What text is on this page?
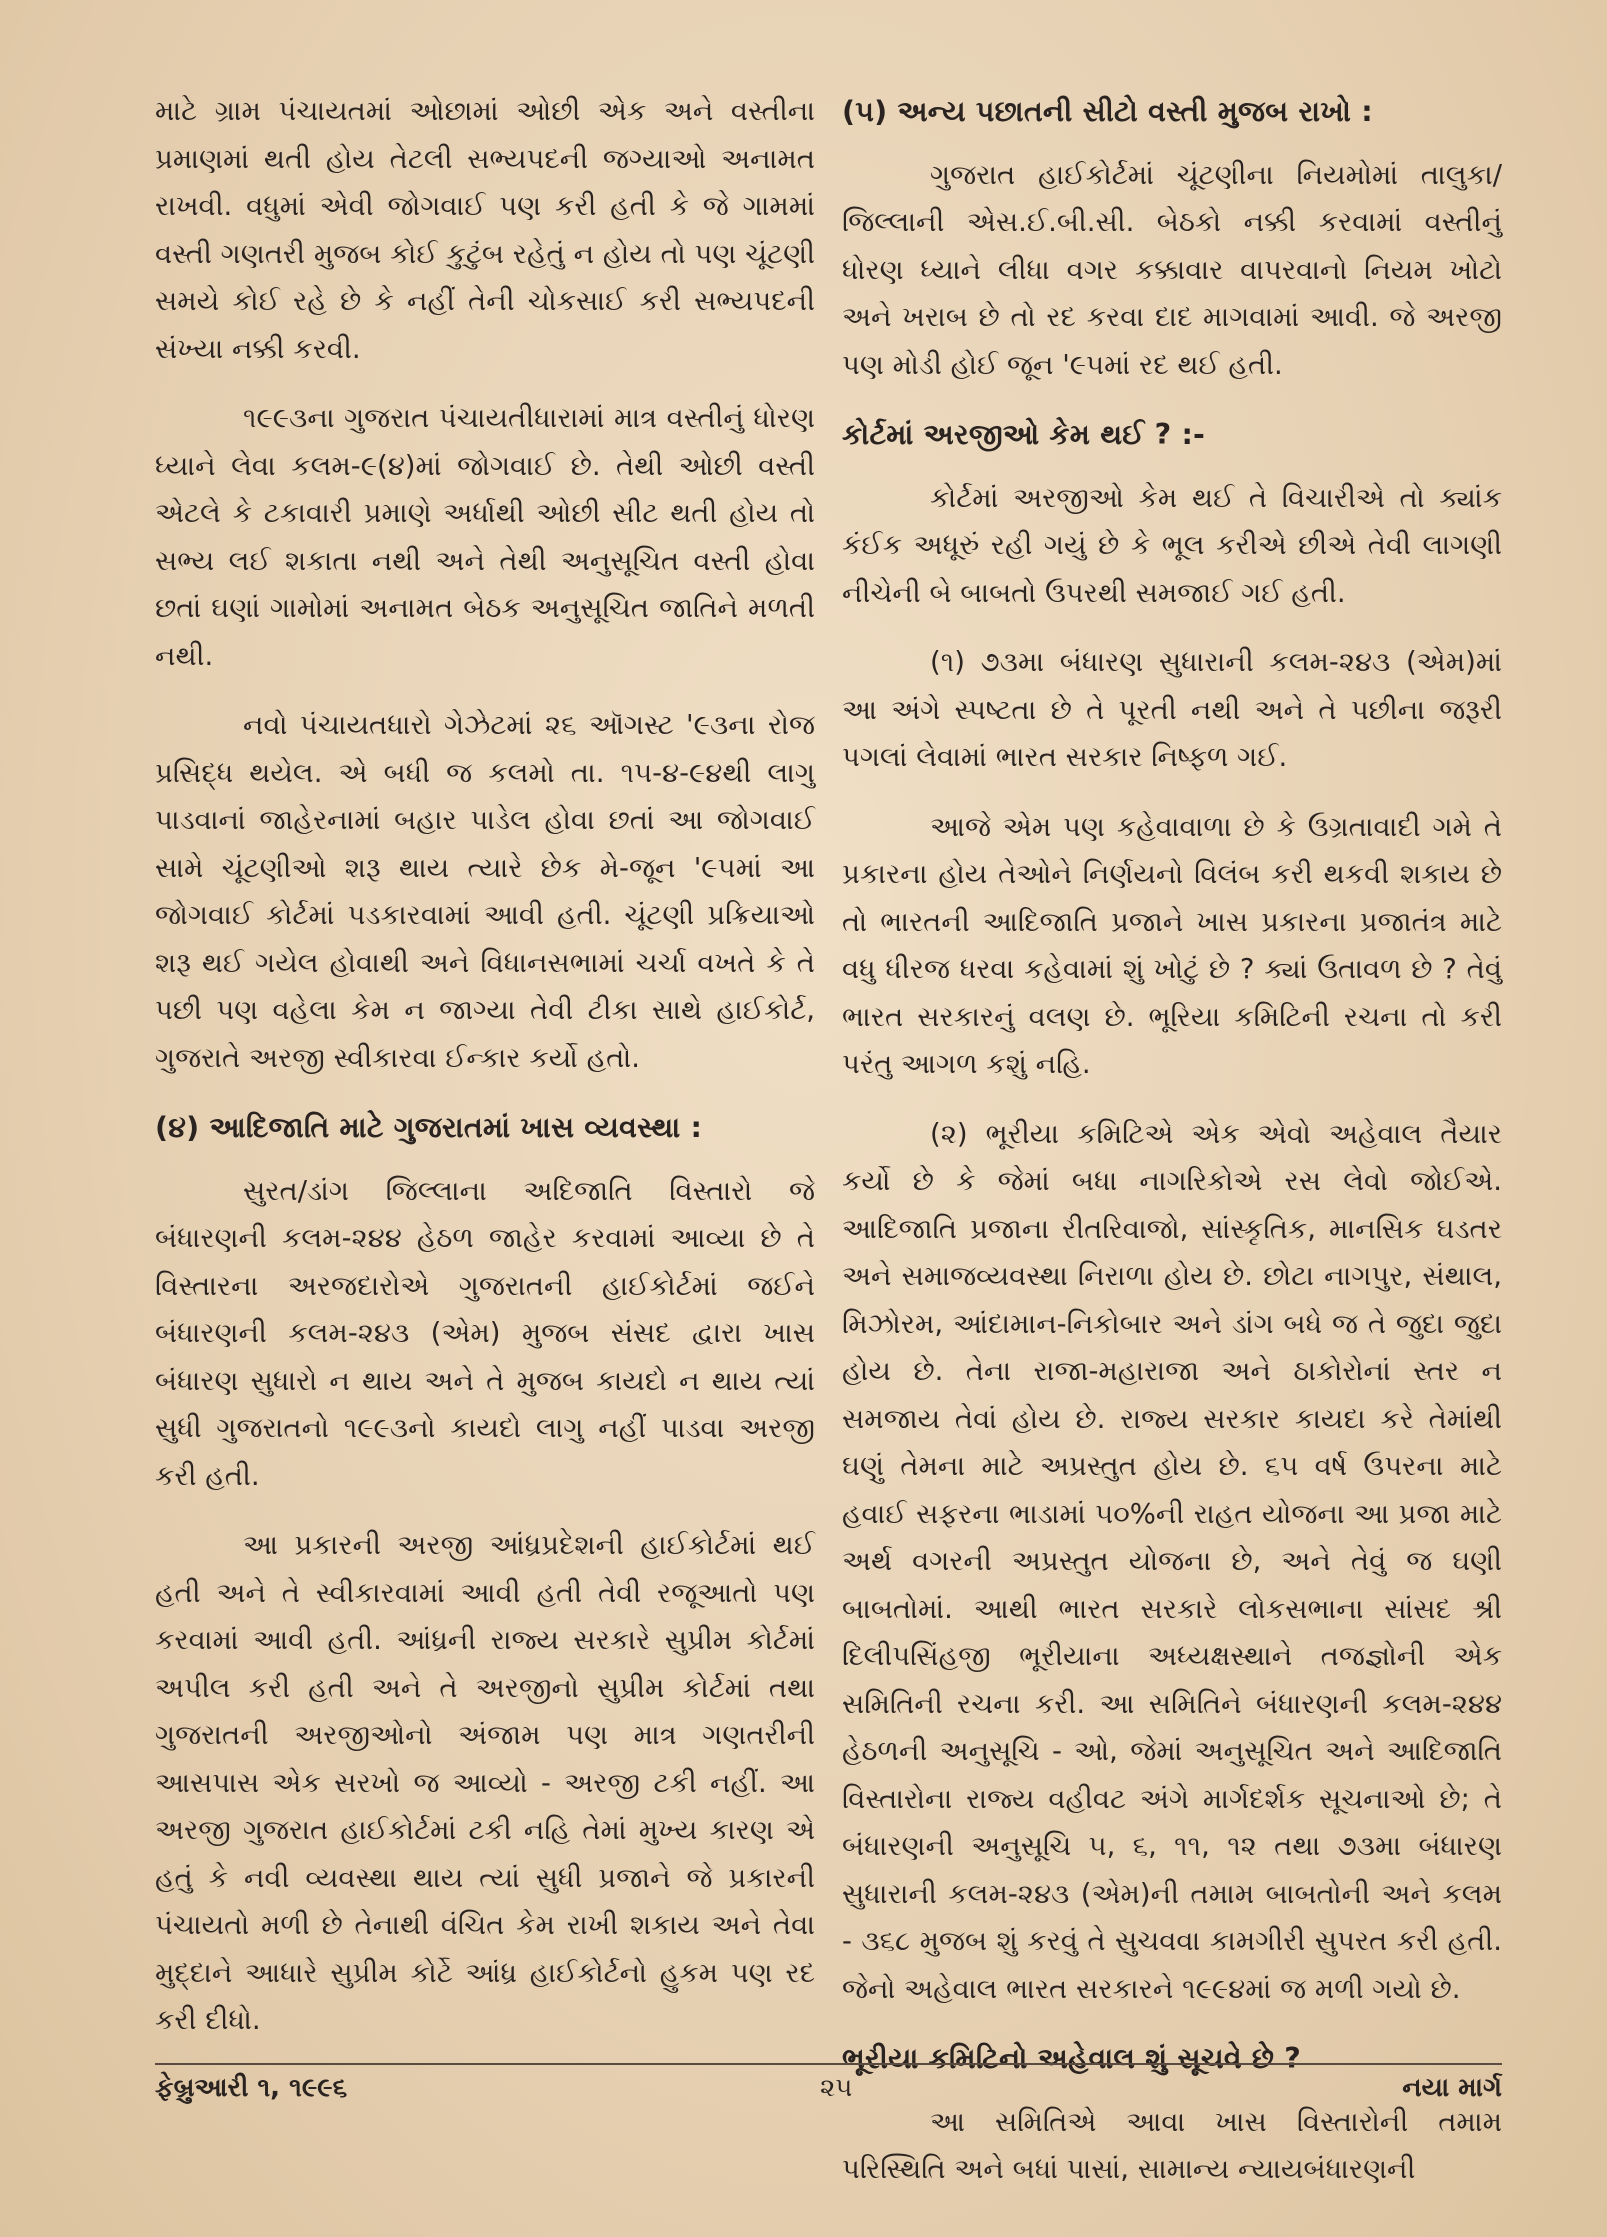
માટે ગ્રામ પંચાયતમાં ઓછામાં ઓછી એક અને વસ્તીના પ્રમાણમાં થતી હોય તેટલી સભ્યપદની જગ્યાઓ અનામત રાખવી. વધુમાં એવી જોગવાઈ પણ કરી હતી કે જે ગામમાં વસ્તી ગણતરી મુજબ કોઈ કુટુંબ રહેતું ન હોય તો પણ ચૂંટણી સમયે કોઈ રહે છે કે નહીં તેની ચોકસાઈ કરી સભ્યપદની સંખ્યા નક્કી કરવી.

૧૯૯૩ના ગુજરાત પંચાયતીધારામાં માત્ર વસ્તીનું ધોરણ ધ્યાને લેવા કલમ-૯(૪)માં જોગવાઈ છે. તેથી ઓછી વસ્તી એટલે કે ટકાવારી પ્રમાણે અર્ધાથી ઓછી સીટ થતી હોય તો સભ્ય લઈ શકાતા નથી અને તેથી અનુસૂચિત વસ્તી હોવા છતાં ઘણાં ગામોમાં અનામત બેઠક અનુસૂચિત જાતિને મળતી નથી.

નવો પંચાયતધારો ગેઝેટમાં ૨૬ ઑગસ્ટ '૯૩ના રોજ પ્રસિદ્ધ થયેલ. એ બધી જ કલમો તા. ૧૫-૪-૯૪થી લાગુ પાડવાનાં જાહેરનામાં બહાર પાડેલ હોવા છતાં આ જોગવાઈ સામે ચૂંટણીઓ શરૂ થાય ત્યારે છેક મે-જૂન '૯૫માં આ જોગવાઈ કોર્ટમાં પડકારવામાં આવી હતી. ચૂંટણી પ્રક્રિયાઓ શરૂ થઈ ગયેલ હોવાથી અને વિધાનસભામાં ચર્ચા વખતે કે તે પછી પણ વહેલા કેમ ન જાગ્યા તેવી ટીકા સાથે હાઈકોર્ટ, ગુજરાતે અરજી સ્વીકારવા ઈન્કાર કર્યો હતો.

(૪) આદિજાતિ માટે ગુજરાતમાં ખાસ વ્યવસ્થા :

સુરત/ડાંગ જિલ્લાના અદિજાતિ વિસ્તારો જે બંધારણની કલમ-૨૪૪ હેઠળ જાહેર કરવામાં આવ્યા છે તે વિસ્તારના અરજદારોએ ગુજરાતની હાઈકોર્ટમાં જઈને બંધારણની કલમ-૨૪૩ (એમ) મુજબ સંસદ દ્વારા ખાસ બંધારણ સુધારો ન થાય અને તે મુજબ કાયદો ન થાય ત્યાં સુધી ગુજરાતનો ૧૯૯૩નો કાયદો લાગુ નહીં પાડવા અરજી કરી હતી.

આ પ્રકારની અરજી આંધ્રપ્રદેશની હાઈકોર્ટમાં થઈ હતી અને તે સ્વીકારવામાં આવી હતી તેવી રજૂઆતો પણ કરવામાં આવી હતી. આંધ્રની રાજ્ય સરકારે સુપ્રીમ કોર્ટમાં અપીલ કરી હતી અને તે અરજીનો સુપ્રીમ કોર્ટમાં તથા ગુજરાતની અરજીઓનો અંજામ પણ માત્ર ગણતરીની આસપાસ એક સરખો જ આવ્યો - અરજી ટકી નહીં. આ અરજી ગુજરાત હાઈકોર્ટમાં ટકી નહિ તેમાં મુખ્ય કારણ એ હતું કે નવી વ્યવસ્થા થાય ત્યાં સુધી પ્રજાને જે પ્રકારની પંચાયતો મળી છે તેનાથી વંચિત કેમ રાખી શકાય અને તેવા મુદ્દાને આધારે સુપ્રીમ કોર્ટે આંધ્ર હાઈકોર્ટનો હુકમ પણ રદ કરી દીધો.

(૫) અન્ય પછાતની સીટો વસ્તી મુજબ રાખો :

ગુજરાત હાઈકોર્ટમાં ચૂંટણીના નિયમોમાં તાલુકા/જિલ્લાની એસ.ઈ.બી.સી. બેઠકો નક્કી કરવામાં વસ્તીનું ધોરણ ધ્યાને લીધા વગર કક્કાવાર વાપરવાનો નિયમ ખોટો અને ખરાબ છે તો રદ કરવા દાદ માગવામાં આવી. જે અરજી પણ મોડી હોઈ જૂન '૯૫માં રદ થઈ હતી.

કોર્ટમાં અરજીઓ કેમ થઈ ? :-

કોર્ટમાં અરજીઓ કેમ થઈ તે વિચારીએ તો ક્યાંક કંઈક અધૂરું રહી ગયું છે કે ભૂલ કરીએ છીએ તેવી લાગણી નીચેની બે બાબતો ઉપરથી સમજાઈ ગઈ હતી.

(૧) ૭૩મા બંધારણ સુધારાની કલમ-૨૪૩ (એમ)માં આ અંગે સ્પષ્ટતા છે તે પૂરતી નથી અને તે પછીના જરૂરી પગલાં લેવામાં ભારત સરકાર નિષ્ફળ ગઈ.

આજે એમ પણ કહેવાવાળા છે કે ઉગ્રતાવાદી ગમે તે પ્રકારના હોય તેઓને નિર્ણયનો વિલંબ કરી થકવી શકાય છે તો ભારતની આદિજાતિ પ્રજાને ખાસ પ્રકારના પ્રજાતંત્ર માટે વધુ ધીરજ ધરવા કહેવામાં શું ખોટું છે ? ક્યાં ઉતાવળ છે ? તેવું ભારત સરકારનું વલણ છે. ભૂરિયા કમિટિની રચના તો કરી પરંતુ આગળ કશું નહિ.

(૨) ભૂરીયા કમિટિએ એક એવો અહેવાલ તૈયાર કર્યો છે કે જેમાં બધા નાગરિકોએ રસ લેવો જોઈએ. આદિજાતિ પ્રજાના રીતરિવાજો, સાંસ્કૃતિક, માનસિક ઘડતર અને સમાજવ્યવસ્થા નિરાળા હોય છે. છોટા નાગપુર, સંથાલ, મિઝોરમ, આંદામાન-નિકોબાર અને ડાંગ બધે જ તે જુદા જુદા હોય છે. તેના રાજા-મહારાજા અને ઠાકોરોનાં સ્તર ન સમજાય તેવાં હોય છે. રાજ્ય સરકાર કાયદા કરે તેમાંથી ઘણું તેમના માટે અપ્રસ્તુત હોય છે. ૬૫ વર્ષ ઉપરના માટે હવાઈ સફરના ભાડામાં ૫૦%ની રાહત યોજના આ પ્રજા માટે અર્થ વગરની અપ્રસ્તુત યોજના છે, અને તેવું જ ઘણી બાબતોમાં. આથી ભારત સરકારે લોકસભાના સાંસદ શ્રી દિલીપસિંહજી ભૂરીયાના અધ્યક્ષસ્થાને તજજ્ઞોની એક સમિતિની રચના કરી. આ સમિતિને બંધારણની કલમ-૨૪૪ હેઠળની અનુસૂચિ - ઓ, જેમાં અનુસૂચિત અને આદિજાતિ વિસ્તારોના રાજ્ય વહીવટ અંગે માર્ગદર્શક સૂચનાઓ છે; તે બંધારણની અનુસૂચિ ૫, ૬, ૧૧, ૧૨ તથા ૭૩મા બંધારણ સુધારાની કલમ-૨૪૩ (એમ)ની તમામ બાબતોની અને કલમ - ૩૬૮ મુજબ શું કરવું તે સુચવવા કામગીરી સુપરત કરી હતી. જેનો અહેવાલ ભારત સરકારને ૧૯૯૪માં જ મળી ગયો છે.

ભૂરીયા કમિટિનો અહેવાલ શું સૂચવે છે ?

આ સમિતિએ આવા ખાસ વિસ્તારોની તમામ પરિસ્થિતિ અને બધાં પાસાં, સામાન્ય ન્યાયબંધારણની

ફેબ્રુઆરી ૧, ૧૯૯૬	૨૫	નયા માર્ગ
